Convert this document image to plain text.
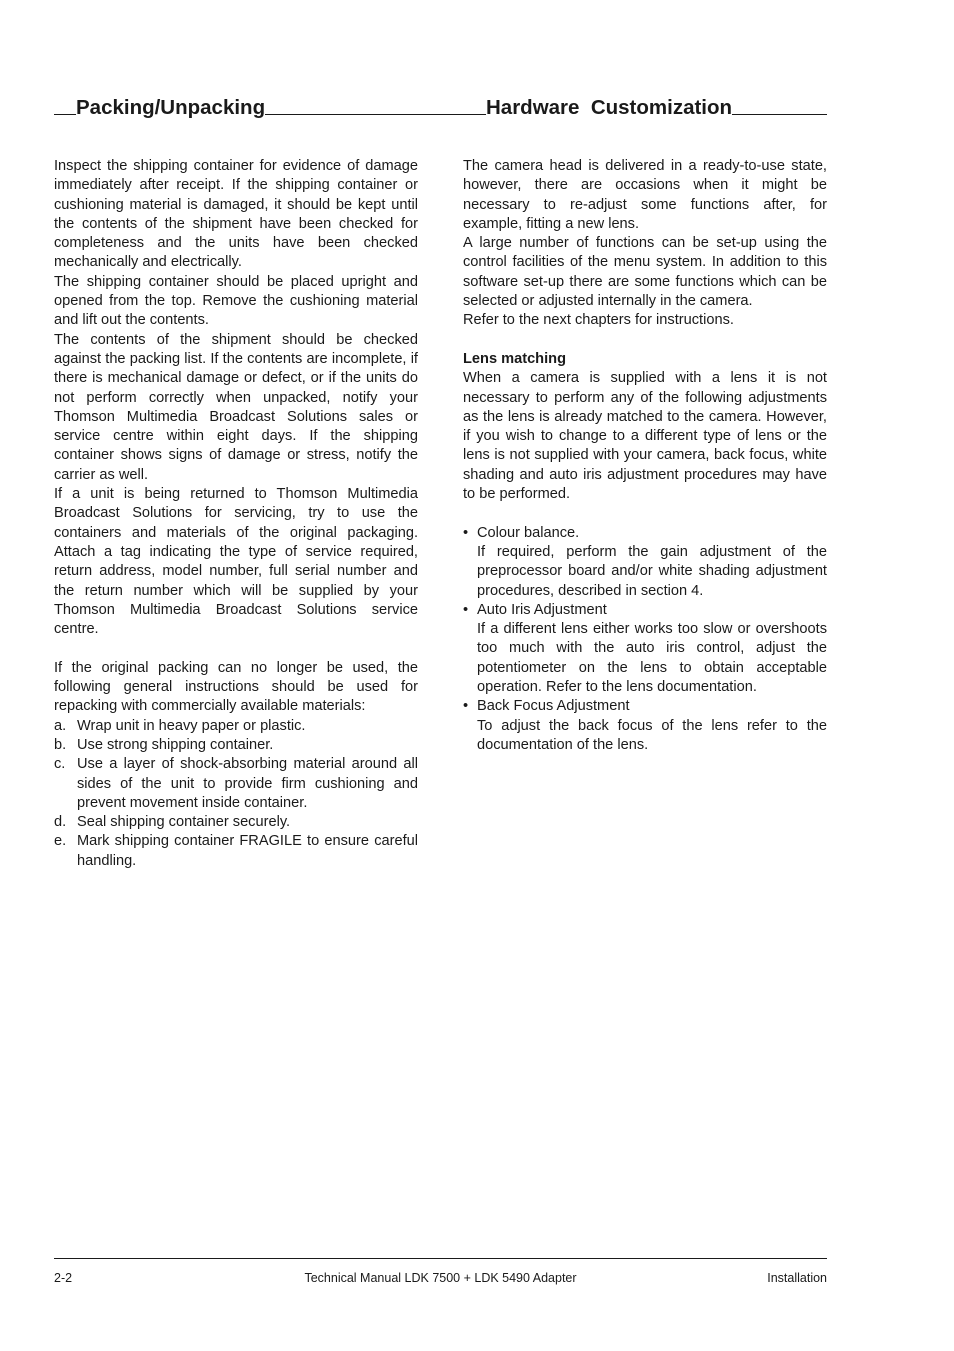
Packing/Unpacking	Hardware  Customization

Inspect the shipping container for evidence of damage immediately after receipt. If the shipping container or cushioning material is damaged, it should be kept until the contents of the shipment have been checked for completeness and the units have been checked mechanically and electrically.

The shipping container should be placed upright and opened from the top. Remove the cushioning material and lift out the contents.

The contents of the shipment should be checked against the packing list. If the contents are incomplete, if there is mechanical damage or defect, or if the units do not perform correctly when unpacked, notify your Thomson Multimedia Broadcast Solutions sales or service centre within eight days. If the shipping container shows signs of damage or stress, notify the carrier as well.

If a unit is being returned to Thomson Multimedia Broadcast Solutions for servicing, try to use the containers and materials of the original packaging. Attach a tag indicating the type of service required, return address, model number, full serial number and the return number which will be supplied by your Thomson Multimedia Broadcast Solutions service centre.

If the original packing can no longer be used, the following general instructions should be used for repacking with commercially available materials:

a. Wrap unit in heavy paper or plastic.
b. Use strong shipping container.
c. Use a layer of shock-absorbing material around all sides of the unit to provide firm cushioning and prevent movement inside container.
d. Seal shipping container securely.
e. Mark shipping container FRAGILE to ensure careful handling.

The camera head is delivered in a ready-to-use state, however, there are occasions when it might be necessary to re-adjust some functions after, for example, fitting a new lens.

A large number of functions can be set-up using the control facilities of the menu system. In addition to this software set-up there are some functions which can be selected or adjusted internally in the camera.

Refer to the next chapters for instructions.

Lens matching

When a camera is supplied with a lens it is not necessary to perform any of the following adjustments as the lens is already matched to the camera. However, if you wish to change to a different type of lens or the lens is not supplied with your camera, back focus, white shading and auto iris adjustment procedures may have to be performed.

• Colour balance.
If required, perform the gain adjustment of the preprocessor board and/or white shading adjustment procedures, described in section 4.
• Auto Iris Adjustment
If a different lens either works too slow or overshoots too much with the auto iris control, adjust the potentiometer on the lens to obtain acceptable operation. Refer to the lens documentation.
• Back Focus Adjustment
To adjust the back focus of the lens refer to the documentation of the lens.
2-2	Technical Manual LDK 7500 + LDK 5490 Adapter	Installation
